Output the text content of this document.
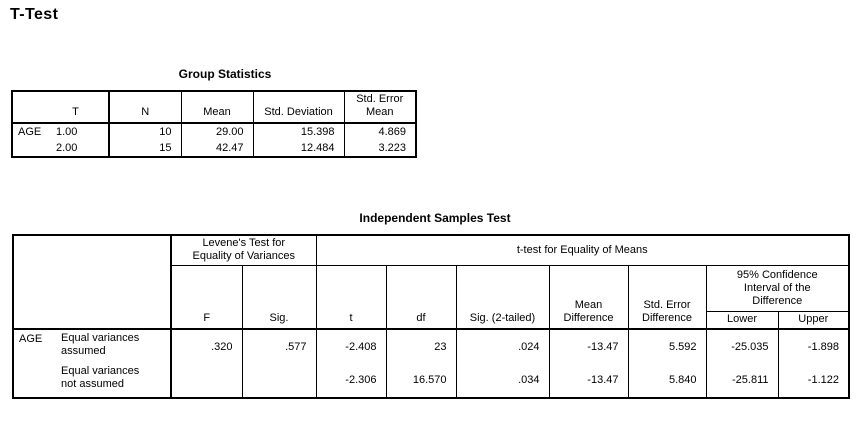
T-Test
Group Statistics
T		N	Mean	Std. Deviation	Std. Error Mean
AGE	1.00	10	29.00	15.398	4.869
	2.00	15	42.47	12.484	3.223
Independent Samples Test
		Levene's Test for Equality of Variances		t-test for Equality of Means						
		F	Sig.	t	df	Sig. (2-tailed)	Mean Difference	Std. Error Difference	95% Confidence Interval of the Difference	
									Lower	Upper
AGE	Equal variances assumed	.320	.577	-2.408	23	.024	-13.47	5.592	-25.035	-1.898
	Equal variances not assumed			-2.306	16.570	.034	-13.47	5.840	-25.811	-1.122
